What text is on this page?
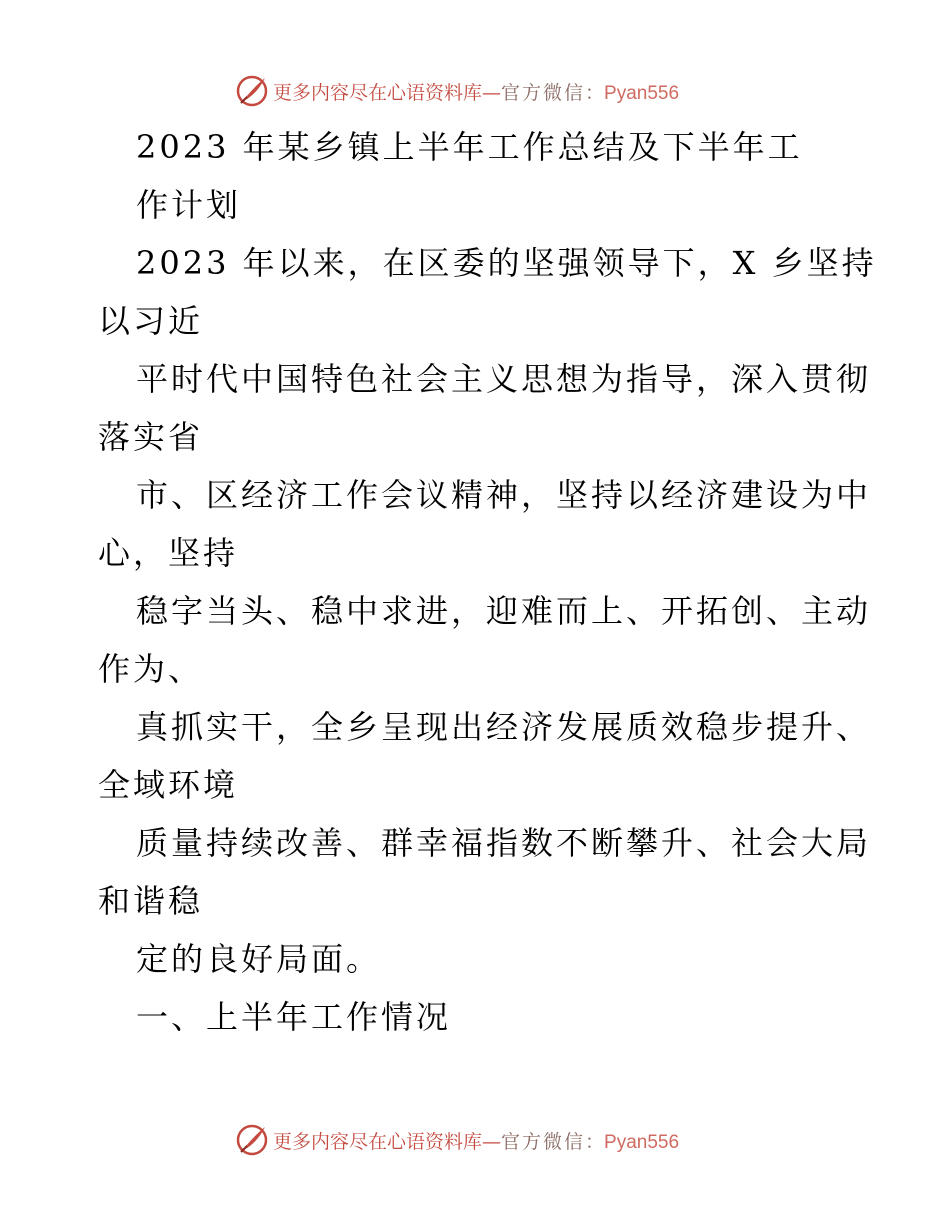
更多内容尽在心语资料库—官方微信：Pyan556
2023 年某乡镇上半年工作总结及下半年工
作计划
2023 年以来，在区委的坚强领导下，X 乡坚持
以习近
平时代中国特色社会主义思想为指导，深入贯彻
落实省
市、区经济工作会议精神，坚持以经济建设为中
心，坚持
稳字当头、稳中求进，迎难而上、开拓创、主动
作为、
真抓实干，全乡呈现出经济发展质效稳步提升、
全域环境
质量持续改善、群幸福指数不断攀升、社会大局
和谐稳
定的良好局面。
一、上半年工作情况
更多内容尽在心语资料库—官方微信：Pyan556
